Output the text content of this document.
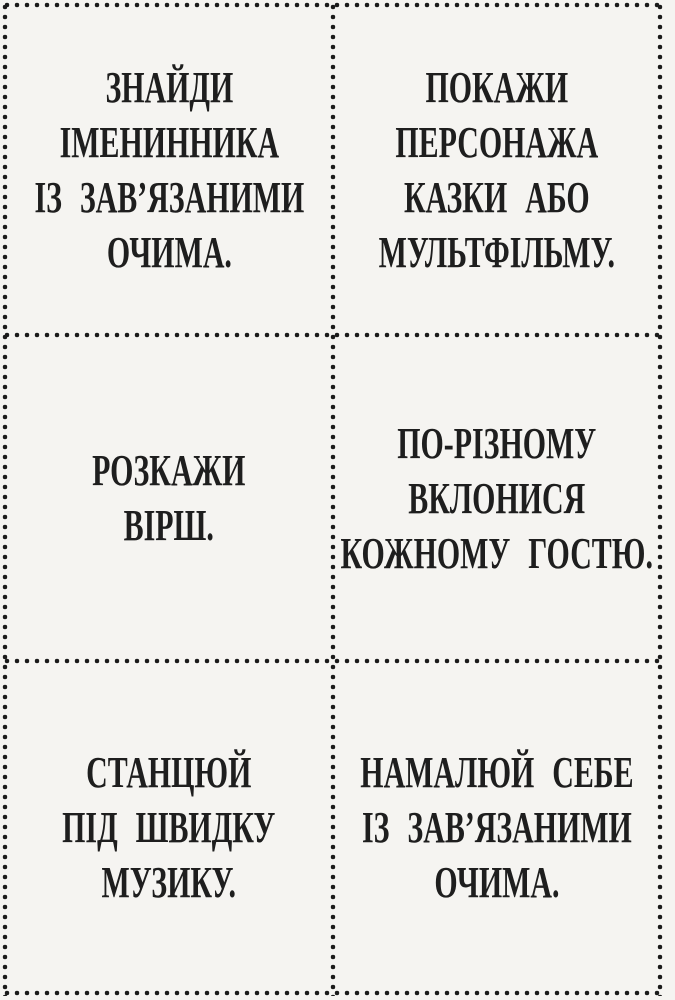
ЗНАЙДИ
ІМЕНИННИКА
ІЗ ЗАВ’ЯЗАНИМИ
ОЧИМА.
ПОКАЖИ
ПЕРСОНАЖА
КАЗКИ АБО
МУЛЬТФІЛЬМУ.
РОЗКАЖИ
ВІРШ.
ПО-РІЗНОМУ
ВКЛОНИСЯ
КОЖНОМУ ГОСТЮ.
СТАНЦЮЙ
ПІД ШВИДКУ
МУЗИКУ.
НАМАЛЮЙ СЕБЕ
ІЗ ЗАВ’ЯЗАНИМИ
ОЧИМА.
